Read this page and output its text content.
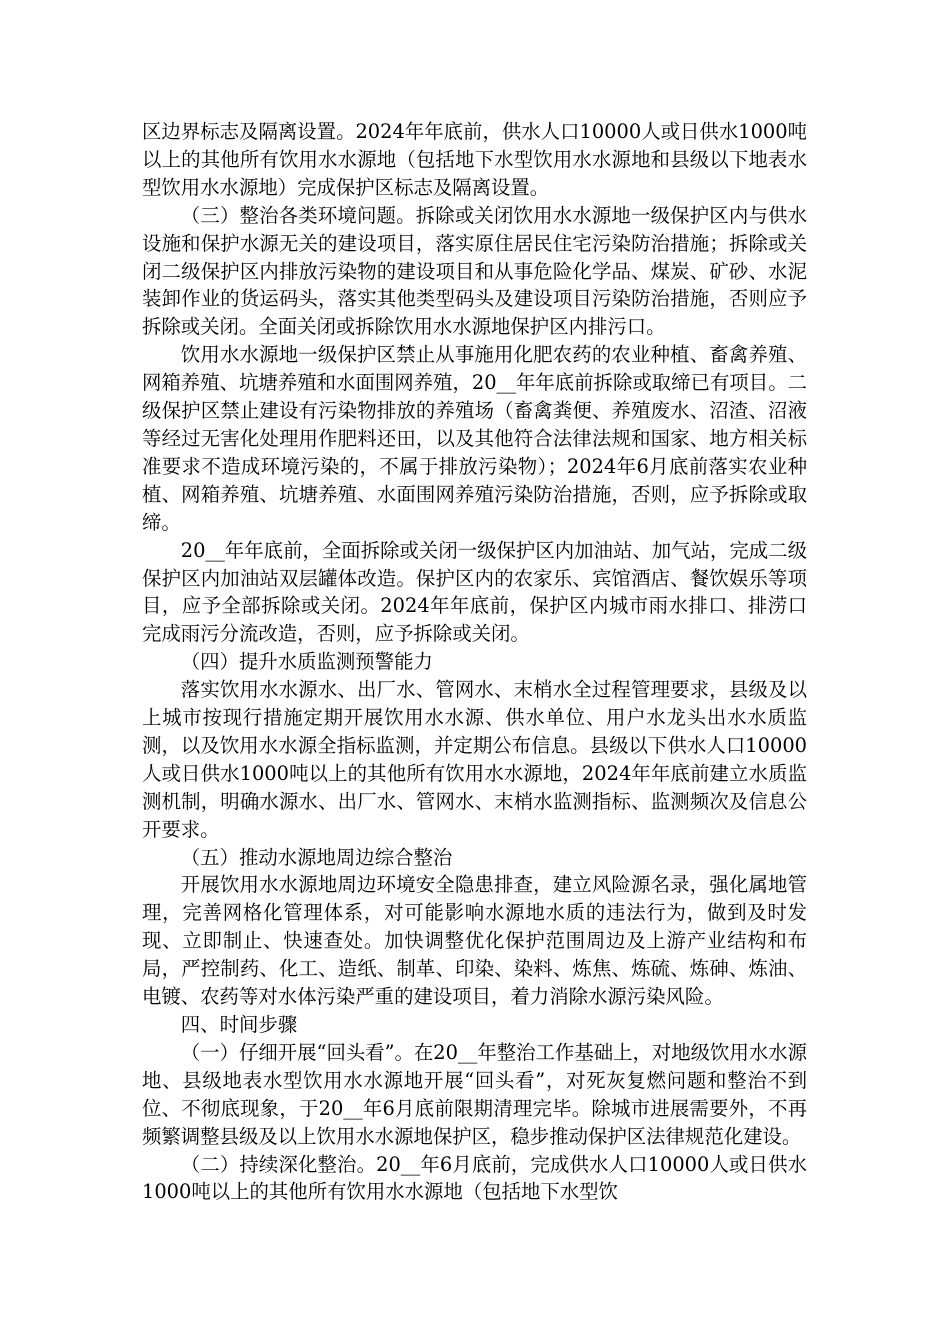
区边界标志及隔离设置。2024年年底前，供水人口10000人或日供水1000吨以上的其他所有饮用水水源地（包括地下水型饮用水水源地和县级以下地表水型饮用水水源地）完成保护区标志及隔离设置。

（三）整治各类环境问题。拆除或关闭饮用水水源地一级保护区内与供水设施和保护水源无关的建设项目，落实原住居民住宅污染防治措施；拆除或关闭二级保护区内排放污染物的建设项目和从事危险化学品、煤炭、矿砂、水泥装卸作业的货运码头，落实其他类型码头及建设项目污染防治措施，否则应予拆除或关闭。全面关闭或拆除饮用水水源地保护区内排污口。

饮用水水源地一级保护区禁止从事施用化肥农药的农业种植、畜禽养殖、网箱养殖、坑塘养殖和水面围网养殖，20__年年底前拆除或取缔已有项目。二级保护区禁止建设有污染物排放的养殖场（畜禽粪便、养殖废水、沼渣、沼液等经过无害化处理用作肥料还田，以及其他符合法律法规和国家、地方相关标准要求不造成环境污染的，不属于排放污染物）；2024年6月底前落实农业种植、网箱养殖、坑塘养殖、水面围网养殖污染防治措施，否则，应予拆除或取缔。

20__年年底前，全面拆除或关闭一级保护区内加油站、加气站，完成二级保护区内加油站双层罐体改造。保护区内的农家乐、宾馆酒店、餐饮娱乐等项目，应予全部拆除或关闭。2024年年底前，保护区内城市雨水排口、排涝口完成雨污分流改造，否则，应予拆除或关闭。

（四）提升水质监测预警能力

落实饮用水水源水、出厂水、管网水、末梢水全过程管理要求，县级及以上城市按现行措施定期开展饮用水水源、供水单位、用户水龙头出水水质监测，以及饮用水水源全指标监测，并定期公布信息。县级以下供水人口10000人或日供水1000吨以上的其他所有饮用水水源地，2024年年底前建立水质监测机制，明确水源水、出厂水、管网水、末梢水监测指标、监测频次及信息公开要求。

（五）推动水源地周边综合整治

开展饮用水水源地周边环境安全隐患排查，建立风险源名录，强化属地管理，完善网格化管理体系，对可能影响水源地水质的违法行为，做到及时发现、立即制止、快速查处。加快调整优化保护范围周边及上游产业结构和布局，严控制药、化工、造纸、制革、印染、染料、炼焦、炼硫、炼砷、炼油、电镀、农药等对水体污染严重的建设项目，着力消除水源污染风险。

四、时间步骤

（一）仔细开展“回头看”。在20__年整治工作基础上，对地级饮用水水源地、县级地表水型饮用水水源地开展“回头看”，对死灰复燃问题和整治不到位、不彻底现象，于20__年6月底前限期清理完毕。除城市进展需要外，不再频繁调整县级及以上饮用水水源地保护区，稳步推动保护区法律规范化建设。

（二）持续深化整治。20__年6月底前，完成供水人口10000人或日供水1000吨以上的其他所有饮用水水源地（包括地下水型饮
